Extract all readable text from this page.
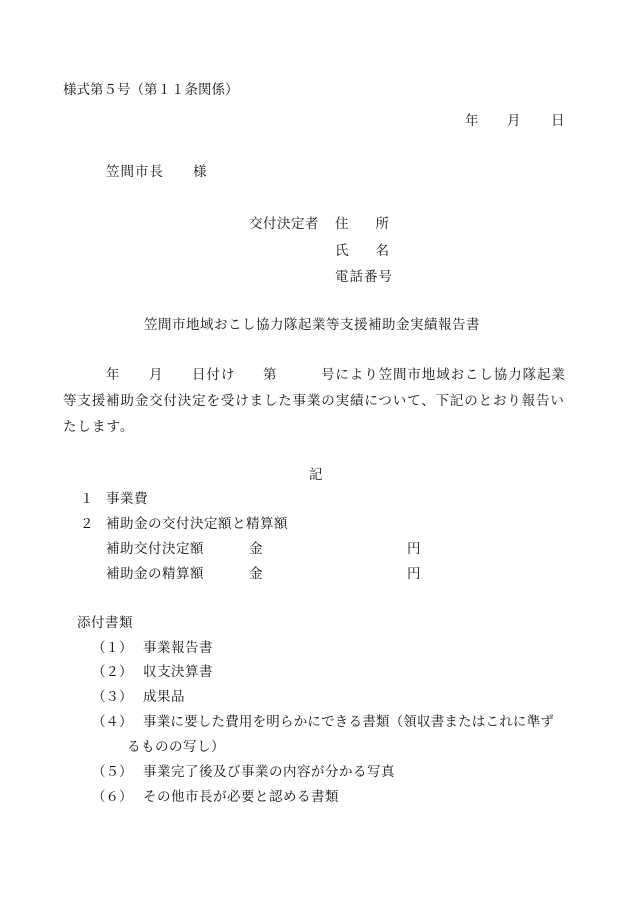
様式第５号（第１１条関係）
年 月 日
笠間市長 様
交付決定者 住　　所
氏　　名
電話番号
笠間市地域おこし協力隊起業等支援補助金実績報告書
年 月 日付け 第	号により笠間市地域おこし協力隊起業
等支援補助金交付決定を受けました事業の実績について、下記のとおり報告い
たします。
記
１ 事業費
２ 補助金の交付決定額と精算額
補助交付決定額	金	円
補助金の精算額	金	円
添付書類
（１） 事業報告書
（２） 収支決算書
（３） 成果品
（４） 事業に要した費用を明らかにできる書類（領収書またはこれに準ず
るものの写し）
（５） 事業完了後及び事業の内容が分かる写真
（６） その他市長が必要と認める書類
